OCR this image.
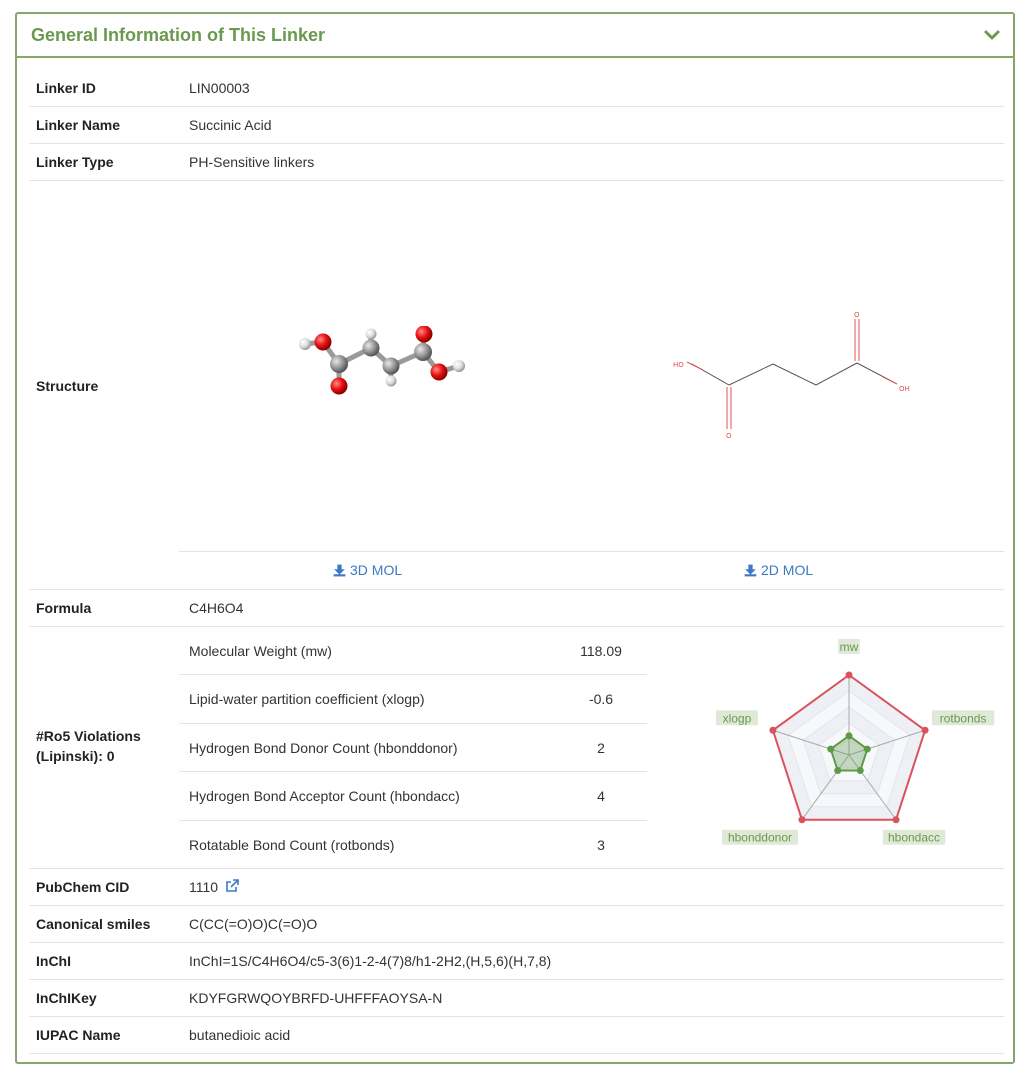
General Information of This Linker
Linker ID	LIN00003
Linker Name	Succinic Acid
Linker Type	PH-Sensitive linkers
Structure
HO
OH
O
O
3D MOL	2D MOL
Formula	C4H6O4
#Ro5 Violations
(Lipinski): 0
Molecular Weight (mw)	118.09
Lipid-water partition coefficient (xlogp)	-0.6
Hydrogen Bond Donor Count (hbonddonor)	2
Hydrogen Bond Acceptor Count (hbondacc)	4
Rotatable Bond Count (rotbonds)	3
mw
rotbonds
hbondacc
hbonddonor
xlogp
PubChem CID	1110
Canonical smiles	C(CC(=O)O)C(=O)O
InChI	InChI=1S/C4H6O4/c5-3(6)1-2-4(7)8/h1-2H2,(H,5,6)(H,7,8)
InChIKey	KDYFGRWQOYBRFD-UHFFFAOYSA-N
IUPAC Name	butanedioic acid
